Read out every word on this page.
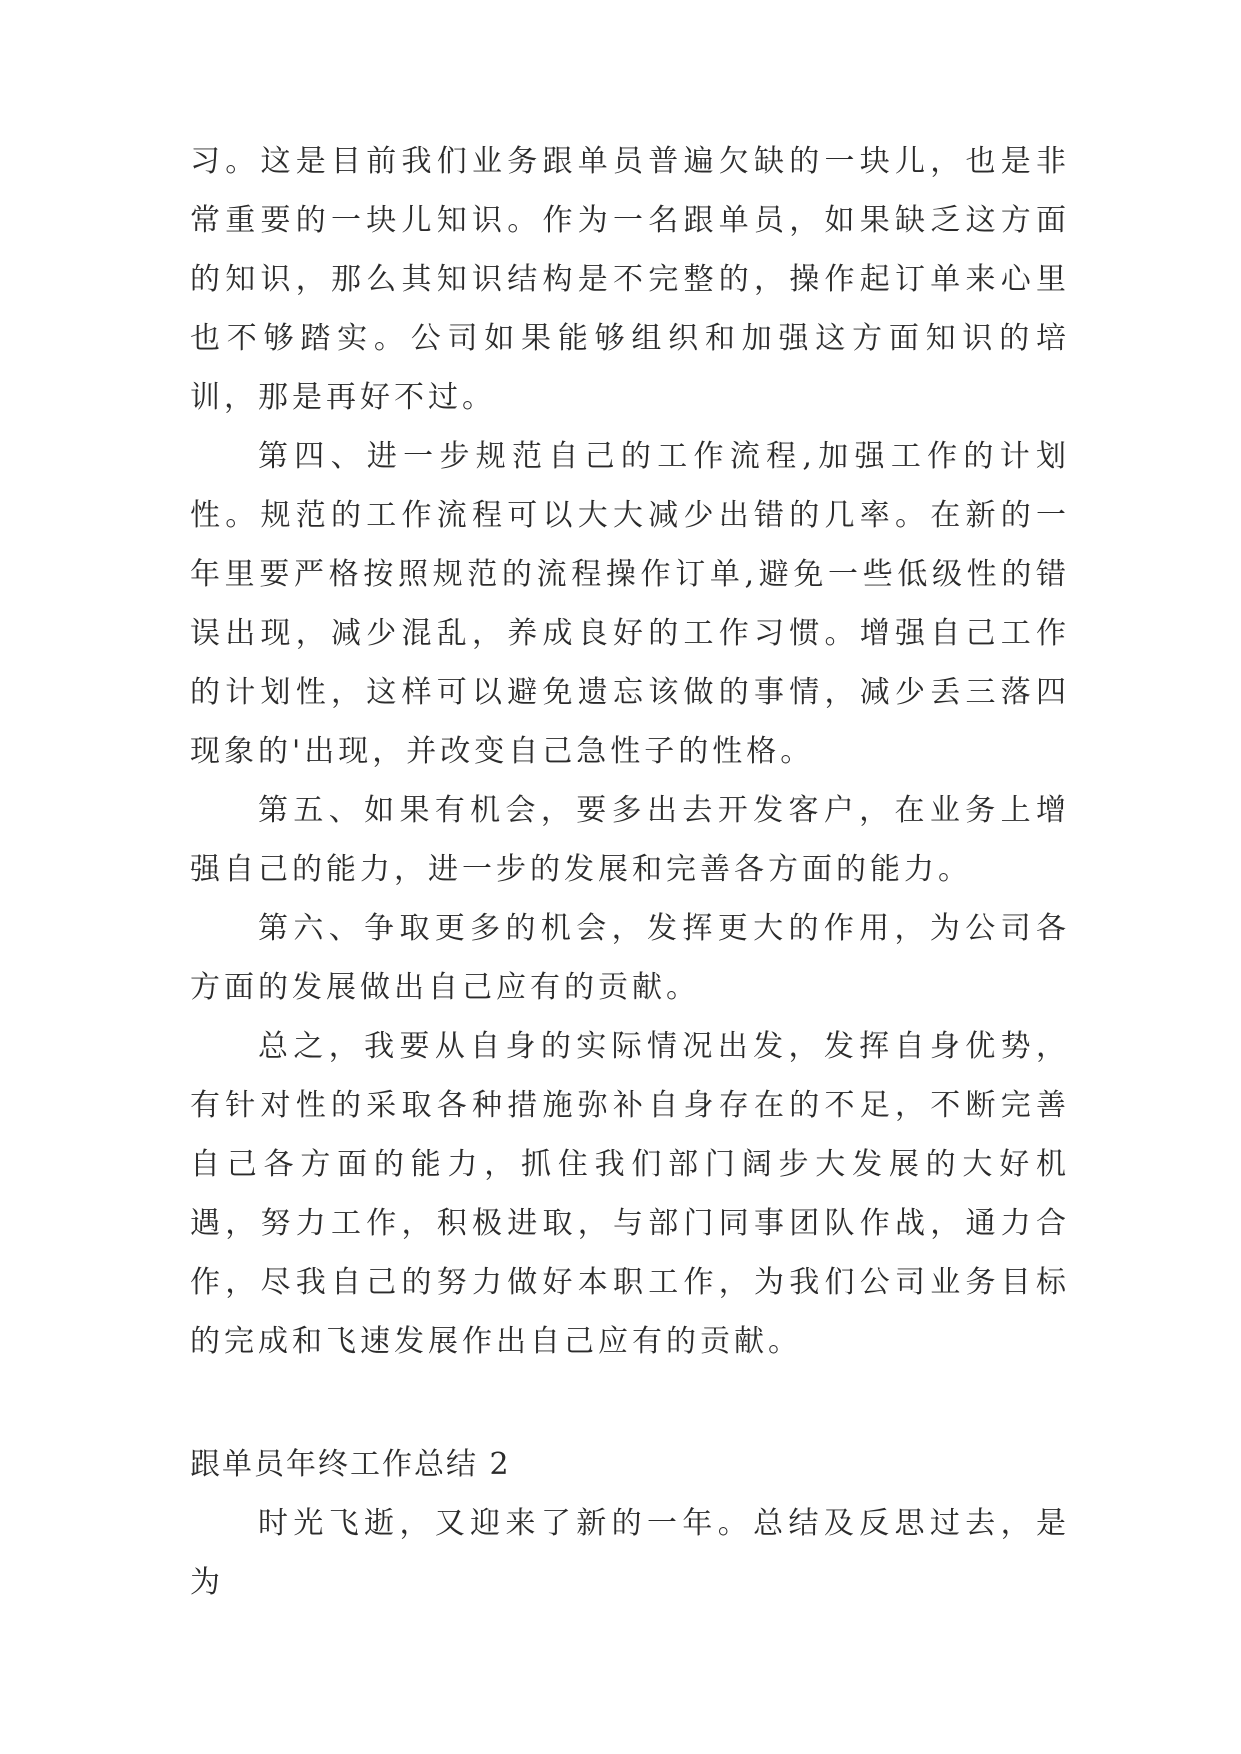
习。这是目前我们业务跟单员普遍欠缺的一块儿，也是非常重要的一块儿知识。作为一名跟单员，如果缺乏这方面的知识，那么其知识结构是不完整的，操作起订单来心里也不够踏实。公司如果能够组织和加强这方面知识的培训，那是再好不过。

第四、进一步规范自己的工作流程,加强工作的计划性。规范的工作流程可以大大减少出错的几率。在新的一年里要严格按照规范的流程操作订单,避免一些低级性的错误出现，减少混乱，养成良好的工作习惯。增强自己工作的计划性，这样可以避免遗忘该做的事情，减少丢三落四现象的'出现，并改变自己急性子的性格。

第五、如果有机会，要多出去开发客户，在业务上增强自己的能力，进一步的发展和完善各方面的能力。

第六、争取更多的机会，发挥更大的作用，为公司各方面的发展做出自己应有的贡献。

总之，我要从自身的实际情况出发，发挥自身优势，有针对性的采取各种措施弥补自身存在的不足，不断完善自己各方面的能力，抓住我们部门阔步大发展的大好机遇，努力工作，积极进取，与部门同事团队作战，通力合作，尽我自己的努力做好本职工作，为我们公司业务目标的完成和飞速发展作出自己应有的贡献。

跟单员年终工作总结 2

时光飞逝，又迎来了新的一年。总结及反思过去，是为
